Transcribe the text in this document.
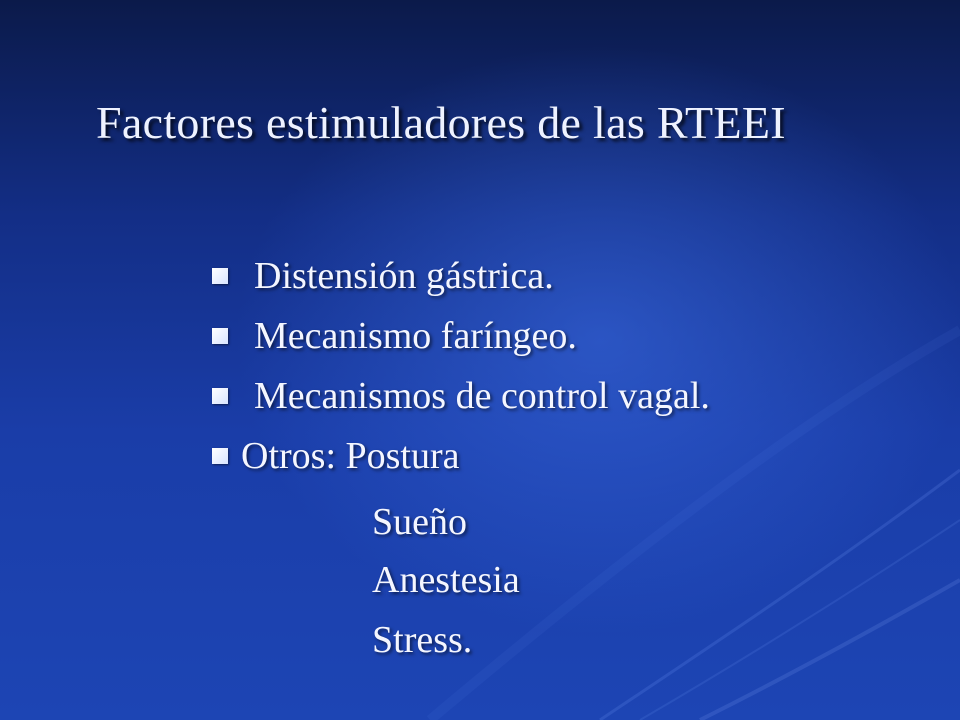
Factores estimuladores de las RTEEI
Distensión gástrica.
Mecanismo faríngeo.
Mecanismos de control vagal.
Otros: Postura

Sueño

Anestesia

Stress.
